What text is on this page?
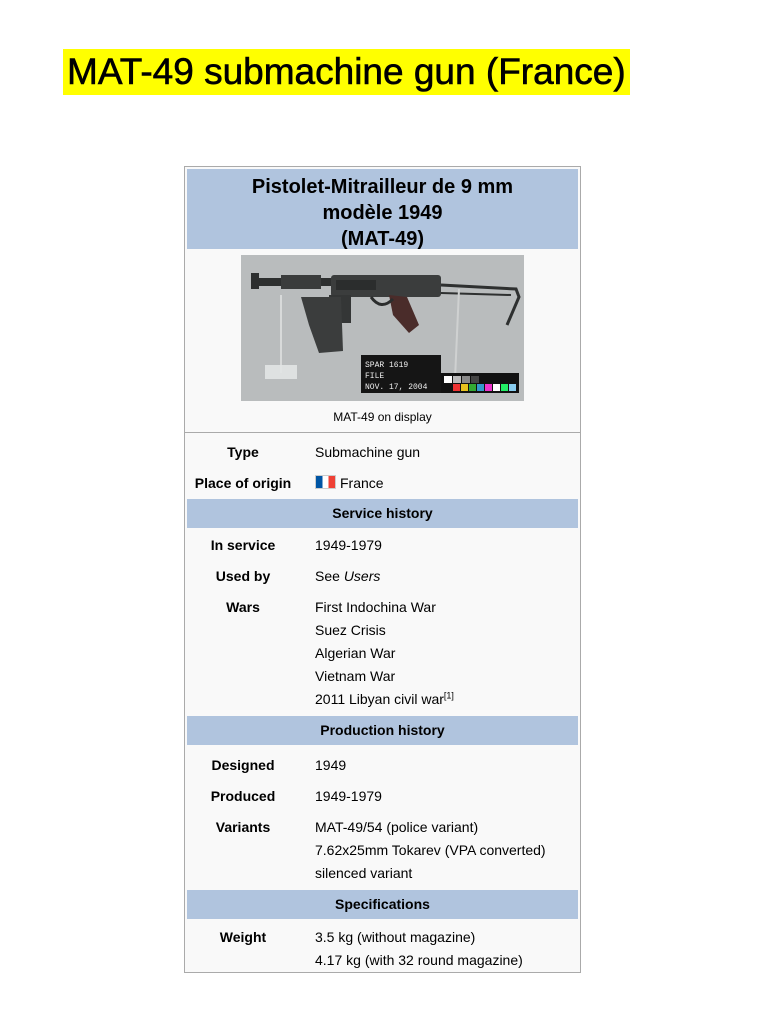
MAT-49 submachine gun (France)
Pistolet-Mitrailleur de 9 mm
modèle 1949
(MAT-49)
SPAR 1619
FILE
NOV. 17, 2004
MAT-49 on display
Type	Submachine gun
Place of origin	France
Service history
In service	1949-1979
Used by	See Users
Wars	First Indochina War
Suez Crisis
Algerian War
Vietnam War
2011 Libyan civil war[1]
Production history
Designed	1949
Produced	1949-1979
Variants	MAT-49/54 (police variant)
7.62x25mm Tokarev (VPA converted)
silenced variant
Specifications
Weight	3.5 kg (without magazine)
4.17 kg (with 32 round magazine)
